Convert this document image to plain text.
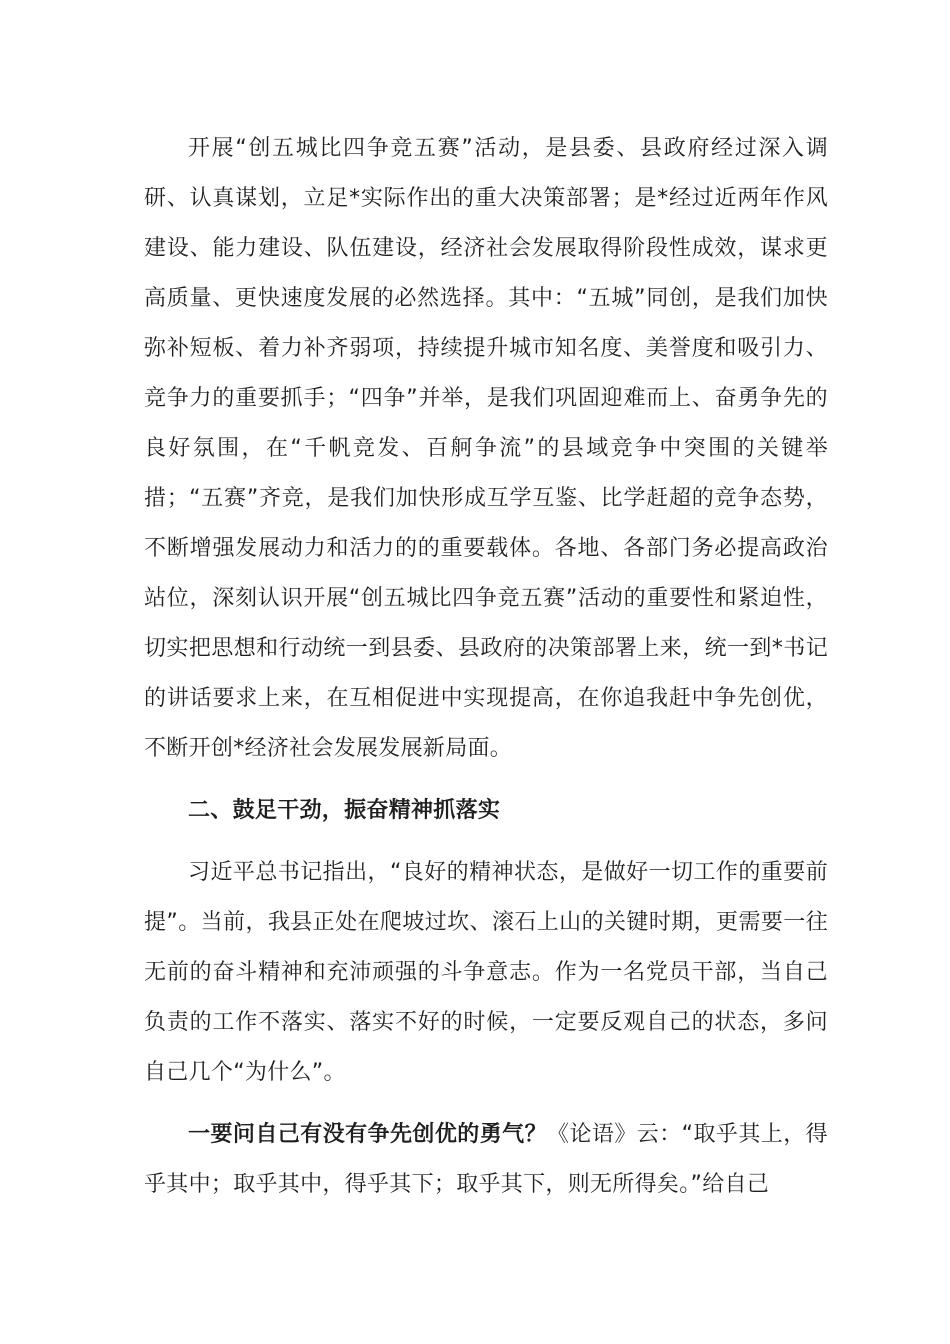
开展“创五城比四争竞五赛”活动，是县委、县政府经过深入调研、认真谋划，立足*实际作出的重大决策部署；是*经过近两年作风建设、能力建设、队伍建设，经济社会发展取得阶段性成效，谋求更高质量、更快速度发展的必然选择。其中：“五城”同创，是我们加快弥补短板、着力补齐弱项，持续提升城市知名度、美誉度和吸引力、竞争力的重要抓手；“四争”并举，是我们巩固迎难而上、奋勇争先的良好氛围，在“千帆竞发、百舸争流”的县域竞争中突围的关键举措；“五赛”齐竞，是我们加快形成互学互鉴、比学赶超的竞争态势，不断增强发展动力和活力的的重要载体。各地、各部门务必提高政治站位，深刻认识开展“创五城比四争竞五赛”活动的重要性和紧迫性，切实把思想和行动统一到县委、县政府的决策部署上来，统一到*书记的讲话要求上来，在互相促进中实现提高，在你追我赶中争先创优，不断开创*经济社会发展发展新局面。

二、鼓足干劲，振奋精神抓落实

习近平总书记指出，“良好的精神状态，是做好一切工作的重要前提”。当前，我县正处在爬坡过坎、滚石上山的关键时期，更需要一往无前的奋斗精神和充沛顽强的斗争意志。作为一名党员干部，当自己负责的工作不落实、落实不好的时候，一定要反观自己的状态，多问自己几个“为什么”。

一要问自己有没有争先创优的勇气？《论语》云：“取乎其上，得乎其中；取乎其中，得乎其下；取乎其下，则无所得矣。”给自己
